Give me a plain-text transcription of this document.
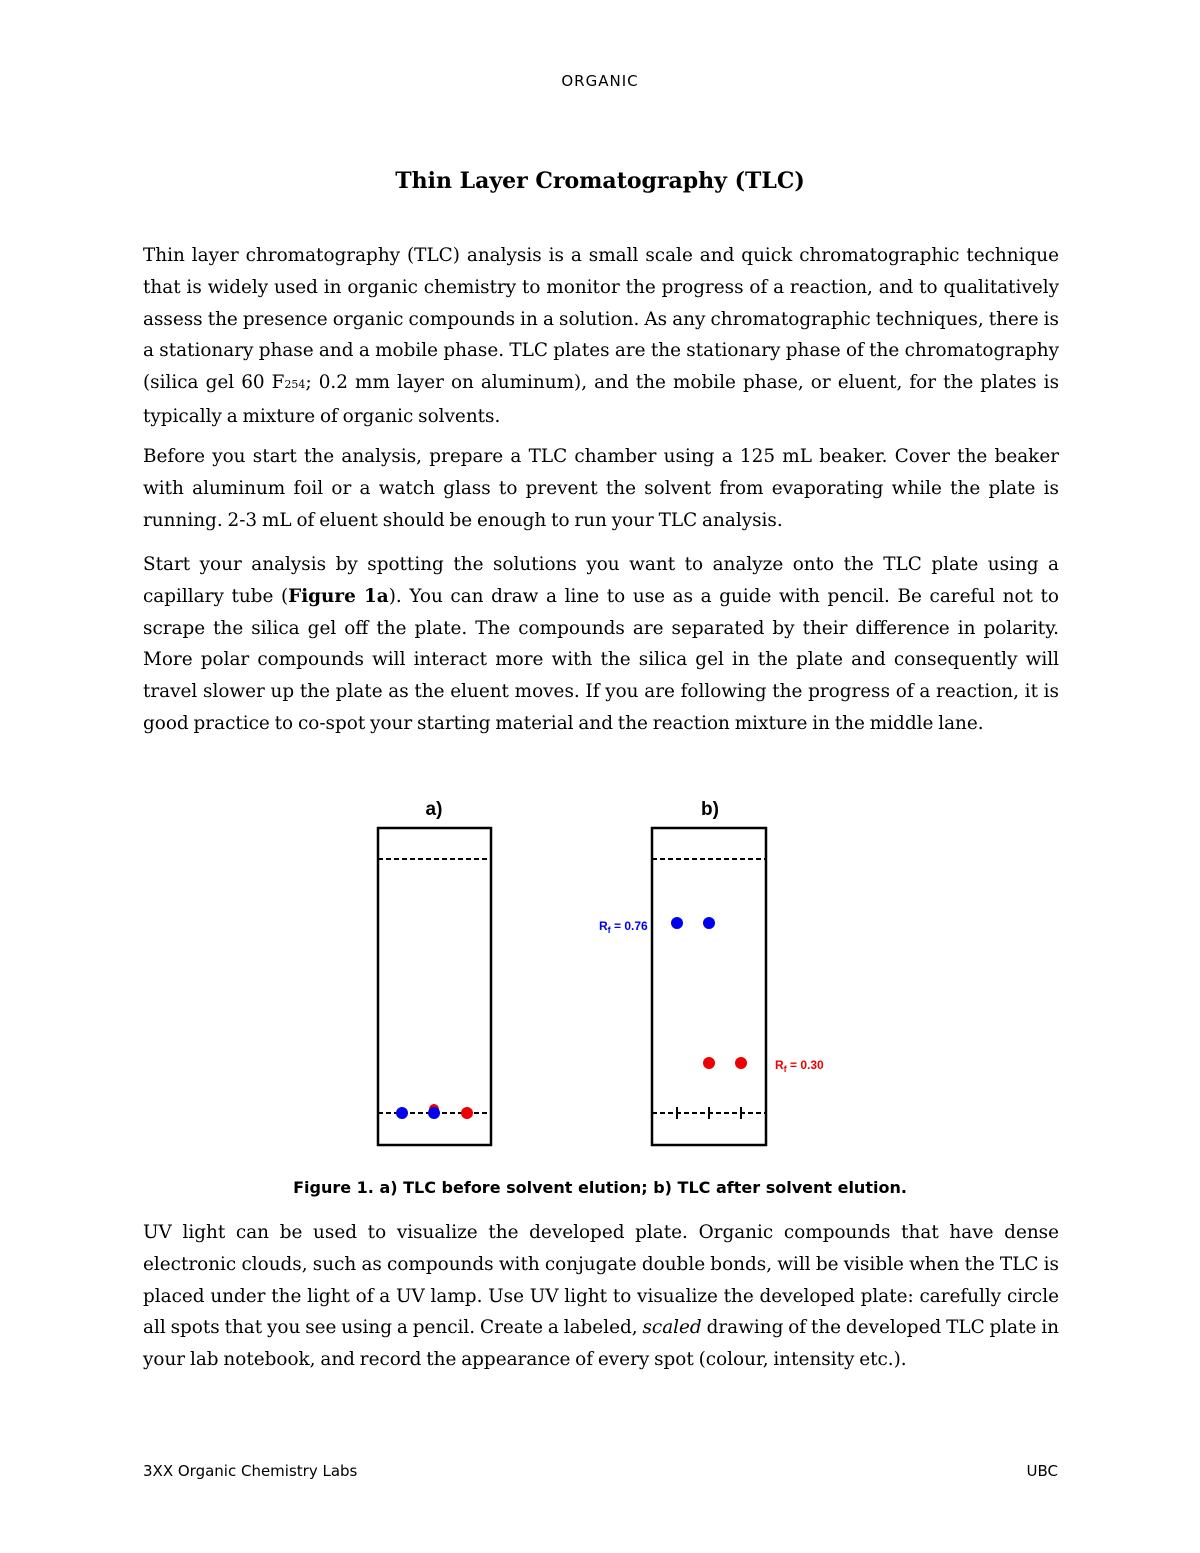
ORGANIC
Thin Layer Cromatography (TLC)

Thin layer chromatography (TLC) analysis is a small scale and quick chromatographic technique that is widely used in organic chemistry to monitor the progress of a reaction, and to qualitatively assess the presence organic compounds in a solution. As any chromatographic techniques, there is a stationary phase and a mobile phase. TLC plates are the stationary phase of the chromatography (silica gel 60 F254; 0.2 mm layer on aluminum), and the mobile phase, or eluent, for the plates is typically a mixture of organic solvents.

Before you start the analysis, prepare a TLC chamber using a 125 mL beaker. Cover the beaker with aluminum foil or a watch glass to prevent the solvent from evaporating while the plate is running. 2-3 mL of eluent should be enough to run your TLC analysis.

Start your analysis by spotting the solutions you want to analyze onto the TLC plate using a capillary tube (Figure 1a). You can draw a line to use as a guide with pencil. Be careful not to scrape the silica gel off the plate. The compounds are separated by their difference in polarity. More polar compounds will interact more with the silica gel in the plate and consequently will travel slower up the plate as the eluent moves. If you are following the progress of a reaction, it is good practice to co-spot your starting material and the reaction mixture in the middle lane.

a)	b)
$R_f = 0.76$
$R_f = 0.30$
Figure 1. a) TLC before solvent elution; b) TLC after solvent elution.

UV light can be used to visualize the developed plate. Organic compounds that have dense electronic clouds, such as compounds with conjugate double bonds, will be visible when the TLC is placed under the light of a UV lamp. Use UV light to visualize the developed plate: carefully circle all spots that you see using a pencil. Create a labeled, scaled drawing of the developed TLC plate in your lab notebook, and record the appearance of every spot (colour, intensity etc.).

3XX Organic Chemistry Labs	UBC
